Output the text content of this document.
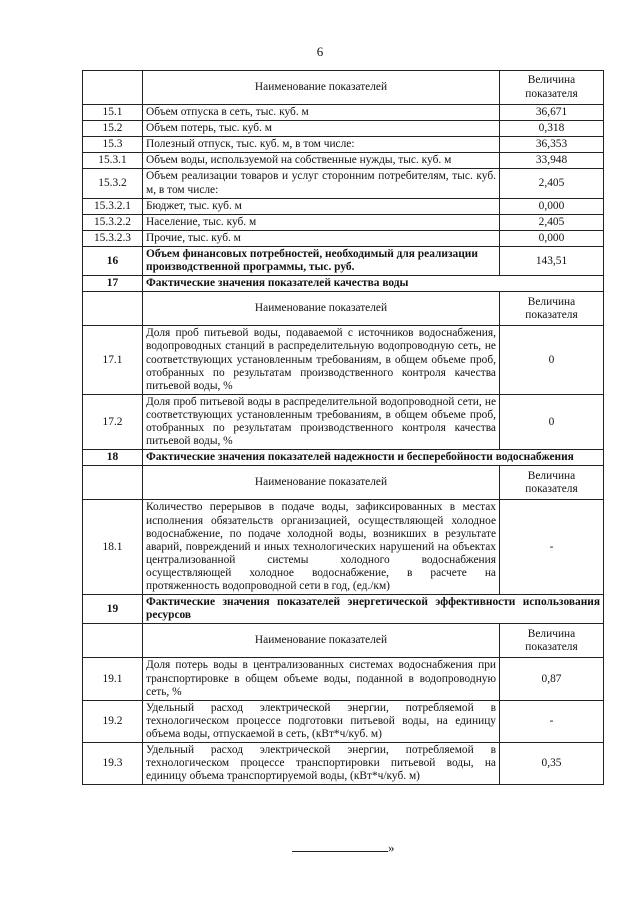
6
	Наименование показателей	Величина показателя
15.1	Объем отпуска в сеть, тыс. куб. м	36,671
15.2	Объем потерь, тыс. куб. м	0,318
15.3	Полезный отпуск, тыс. куб. м, в том числе:	36,353
15.3.1	Объем воды, используемой на собственные нужды, тыс. куб. м	33,948
15.3.2	Объем реализации товаров и услуг сторонним потребителям, тыс. куб. м, в том числе:	2,405
15.3.2.1	Бюджет, тыс. куб. м	0,000
15.3.2.2	Население, тыс. куб. м	2,405
15.3.2.3	Прочие, тыс. куб. м	0,000
16	Объем финансовых потребностей, необходимый для реализации производственной программы, тыс. руб.	143,51
17	Фактические значения показателей качества воды	
	Наименование показателей	Величина показателя
17.1	Доля проб питьевой воды, подаваемой с источников водоснабжения, водопроводных станций в распределительную водопроводную сеть, не соответствующих установленным требованиям, в общем объеме проб, отобранных по результатам производственного контроля качества питьевой воды, %	0
17.2	Доля проб питьевой воды в распределительной водопроводной сети, не соответствующих установленным требованиям, в общем объеме проб, отобранных по результатам производственного контроля качества питьевой воды, %	0
18	Фактические значения показателей надежности и бесперебойности водоснабжения	
	Наименование показателей	Величина показателя
18.1	Количество перерывов в подаче воды, зафиксированных в местах исполнения обязательств организацией, осуществляющей холодное водоснабжение, по подаче холодной воды, возникших в результате аварий, повреждений и иных технологических нарушений на объектах централизованной системы холодного водоснабжения осуществляющей холодное водоснабжение, в расчете на протяженность водопроводной сети в год, (ед./км)	-
19	Фактические значения показателей энергетической эффективности использования ресурсов	
	Наименование показателей	Величина показателя
19.1	Доля потерь воды в централизованных системах водоснабжения при транспортировке в общем объеме воды, поданной в водопроводную сеть, %	0,87
19.2	Удельный расход электрической энергии, потребляемой в технологическом процессе подготовки питьевой воды, на единицу объема воды, отпускаемой в сеть, (кВт*ч/куб. м)	-
19.3	Удельный расход электрической энергии, потребляемой в технологическом процессе транспортировки питьевой воды, на единицу объема транспортируемой воды, (кВт*ч/куб. м)	0,35
»
